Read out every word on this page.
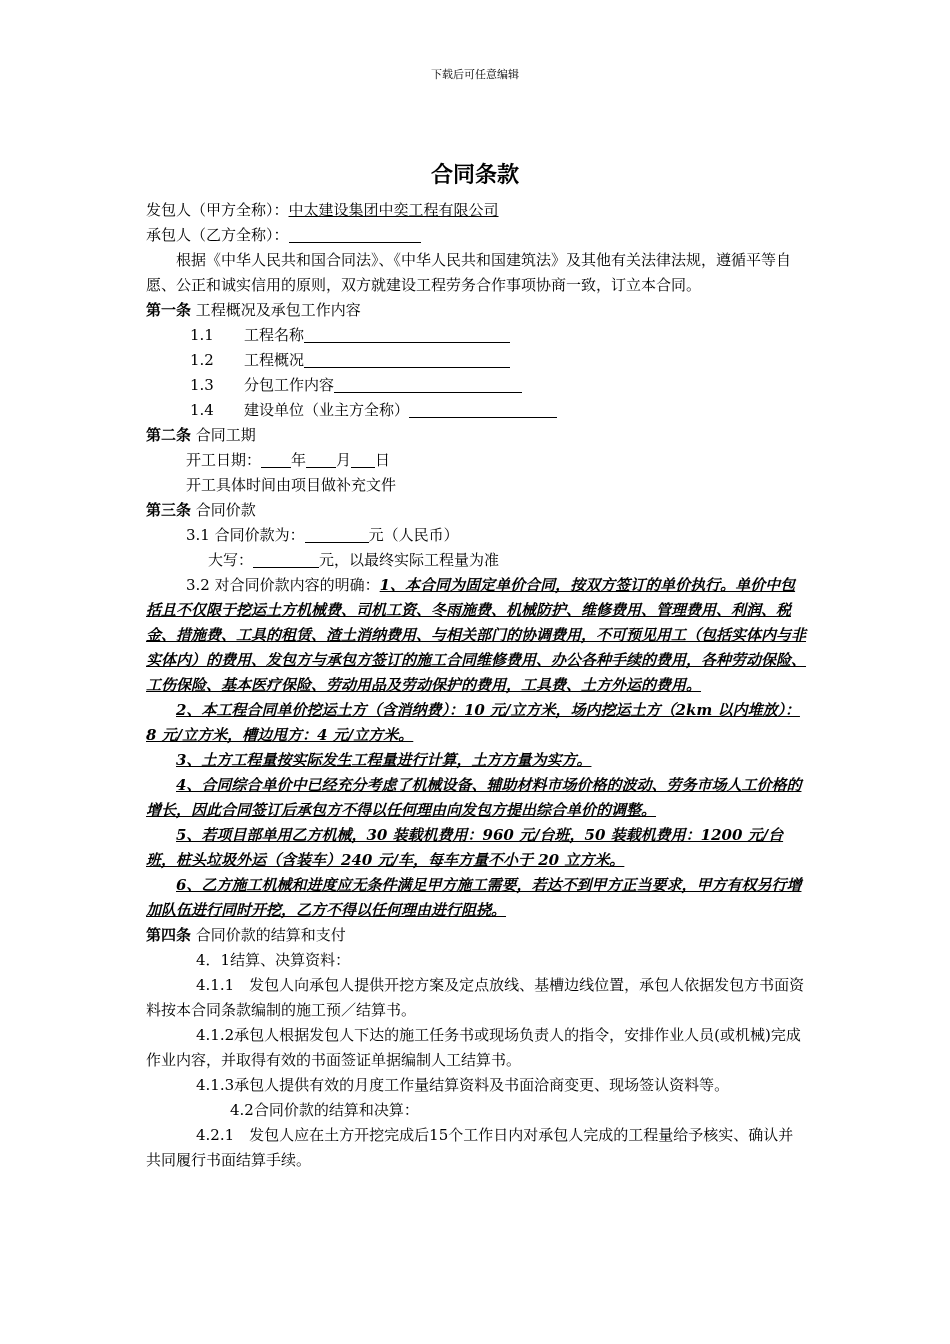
下载后可任意编辑
合同条款

发包人（甲方全称）：中太建设集团中奕工程有限公司

承包人（乙方全称）：

根据《中华人民共和国合同法》、《中华人民共和国建筑法》及其他有关法律法规，遵循平等自愿、公正和诚实信用的原则，双方就建设工程劳务合作事项协商一致，订立本合同。

第一条 工程概况及承包工作内容

1.1 工程名称

1.2 工程概况

1.3 分包工作内容

1.4 建设单位（业主方全称）

第二条 合同工期

开工日期： 年 月 日

开工具体时间由项目做补充文件

第三条 合同价款

3.1 合同价款为：	元（人民币）

大写：	元，以最终实际工程量为准

3.2 对合同价款内容的明确：1、本合同为固定单价合同，按双方签订的单价执行。单价中包括且不仅限于挖运土方机械费、司机工资、冬雨施费、机械防护、维修费用、管理费用、利润、税金、措施费、工具的租赁、渣土消纳费用、与相关部门的协调费用，不可预见用工（包括实体内与非实体内）的费用、发包方与承包方签订的施工合同维修费用、办公各种手续的费用，各种劳动保险、工伤保险、基本医疗保险、劳动用品及劳动保护的费用，工具费、土方外运的费用。

2、本工程合同单价挖运土方（含消纳费）：10 元/立方米，场内挖运土方（2km 以内堆放）：8 元/立方米，槽边甩方：4 元/立方米。

3、土方工程量按实际发生工程量进行计算，土方方量为实方。

4、合同综合单价中已经充分考虑了机械设备、辅助材料市场价格的波动、劳务市场人工价格的增长，因此合同签订后承包方不得以任何理由向发包方提出综合单价的调整。

5、若项目部单用乙方机械，30 装载机费用：960 元/台班，50 装载机费用：1200 元/台班，桩头垃圾外运（含装车）240 元/车，每车方量不小于 20 立方米。

6、乙方施工机械和进度应无条件满足甲方施工需要，若达不到甲方正当要求，甲方有权另行增加队伍进行同时开挖，乙方不得以任何理由进行阻挠。

第四条 合同价款的结算和支付

4．1结算、决算资料：

4.1.1　发包人向承包人提供开挖方案及定点放线、基槽边线位置，承包人依据发包方书面资料按本合同条款编制的施工预／结算书。

4.1.2承包人根据发包人下达的施工任务书或现场负责人的指令，安排作业人员(或机械)完成作业内容，并取得有效的书面签证单据编制人工结算书。

4.1.3承包人提供有效的月度工作量结算资料及书面洽商变更、现场签认资料等。

4.2合同价款的结算和决算：

4.2.1　发包人应在土方开挖完成后15个工作日内对承包人完成的工程量给予核实、确认并共同履行书面结算手续。
